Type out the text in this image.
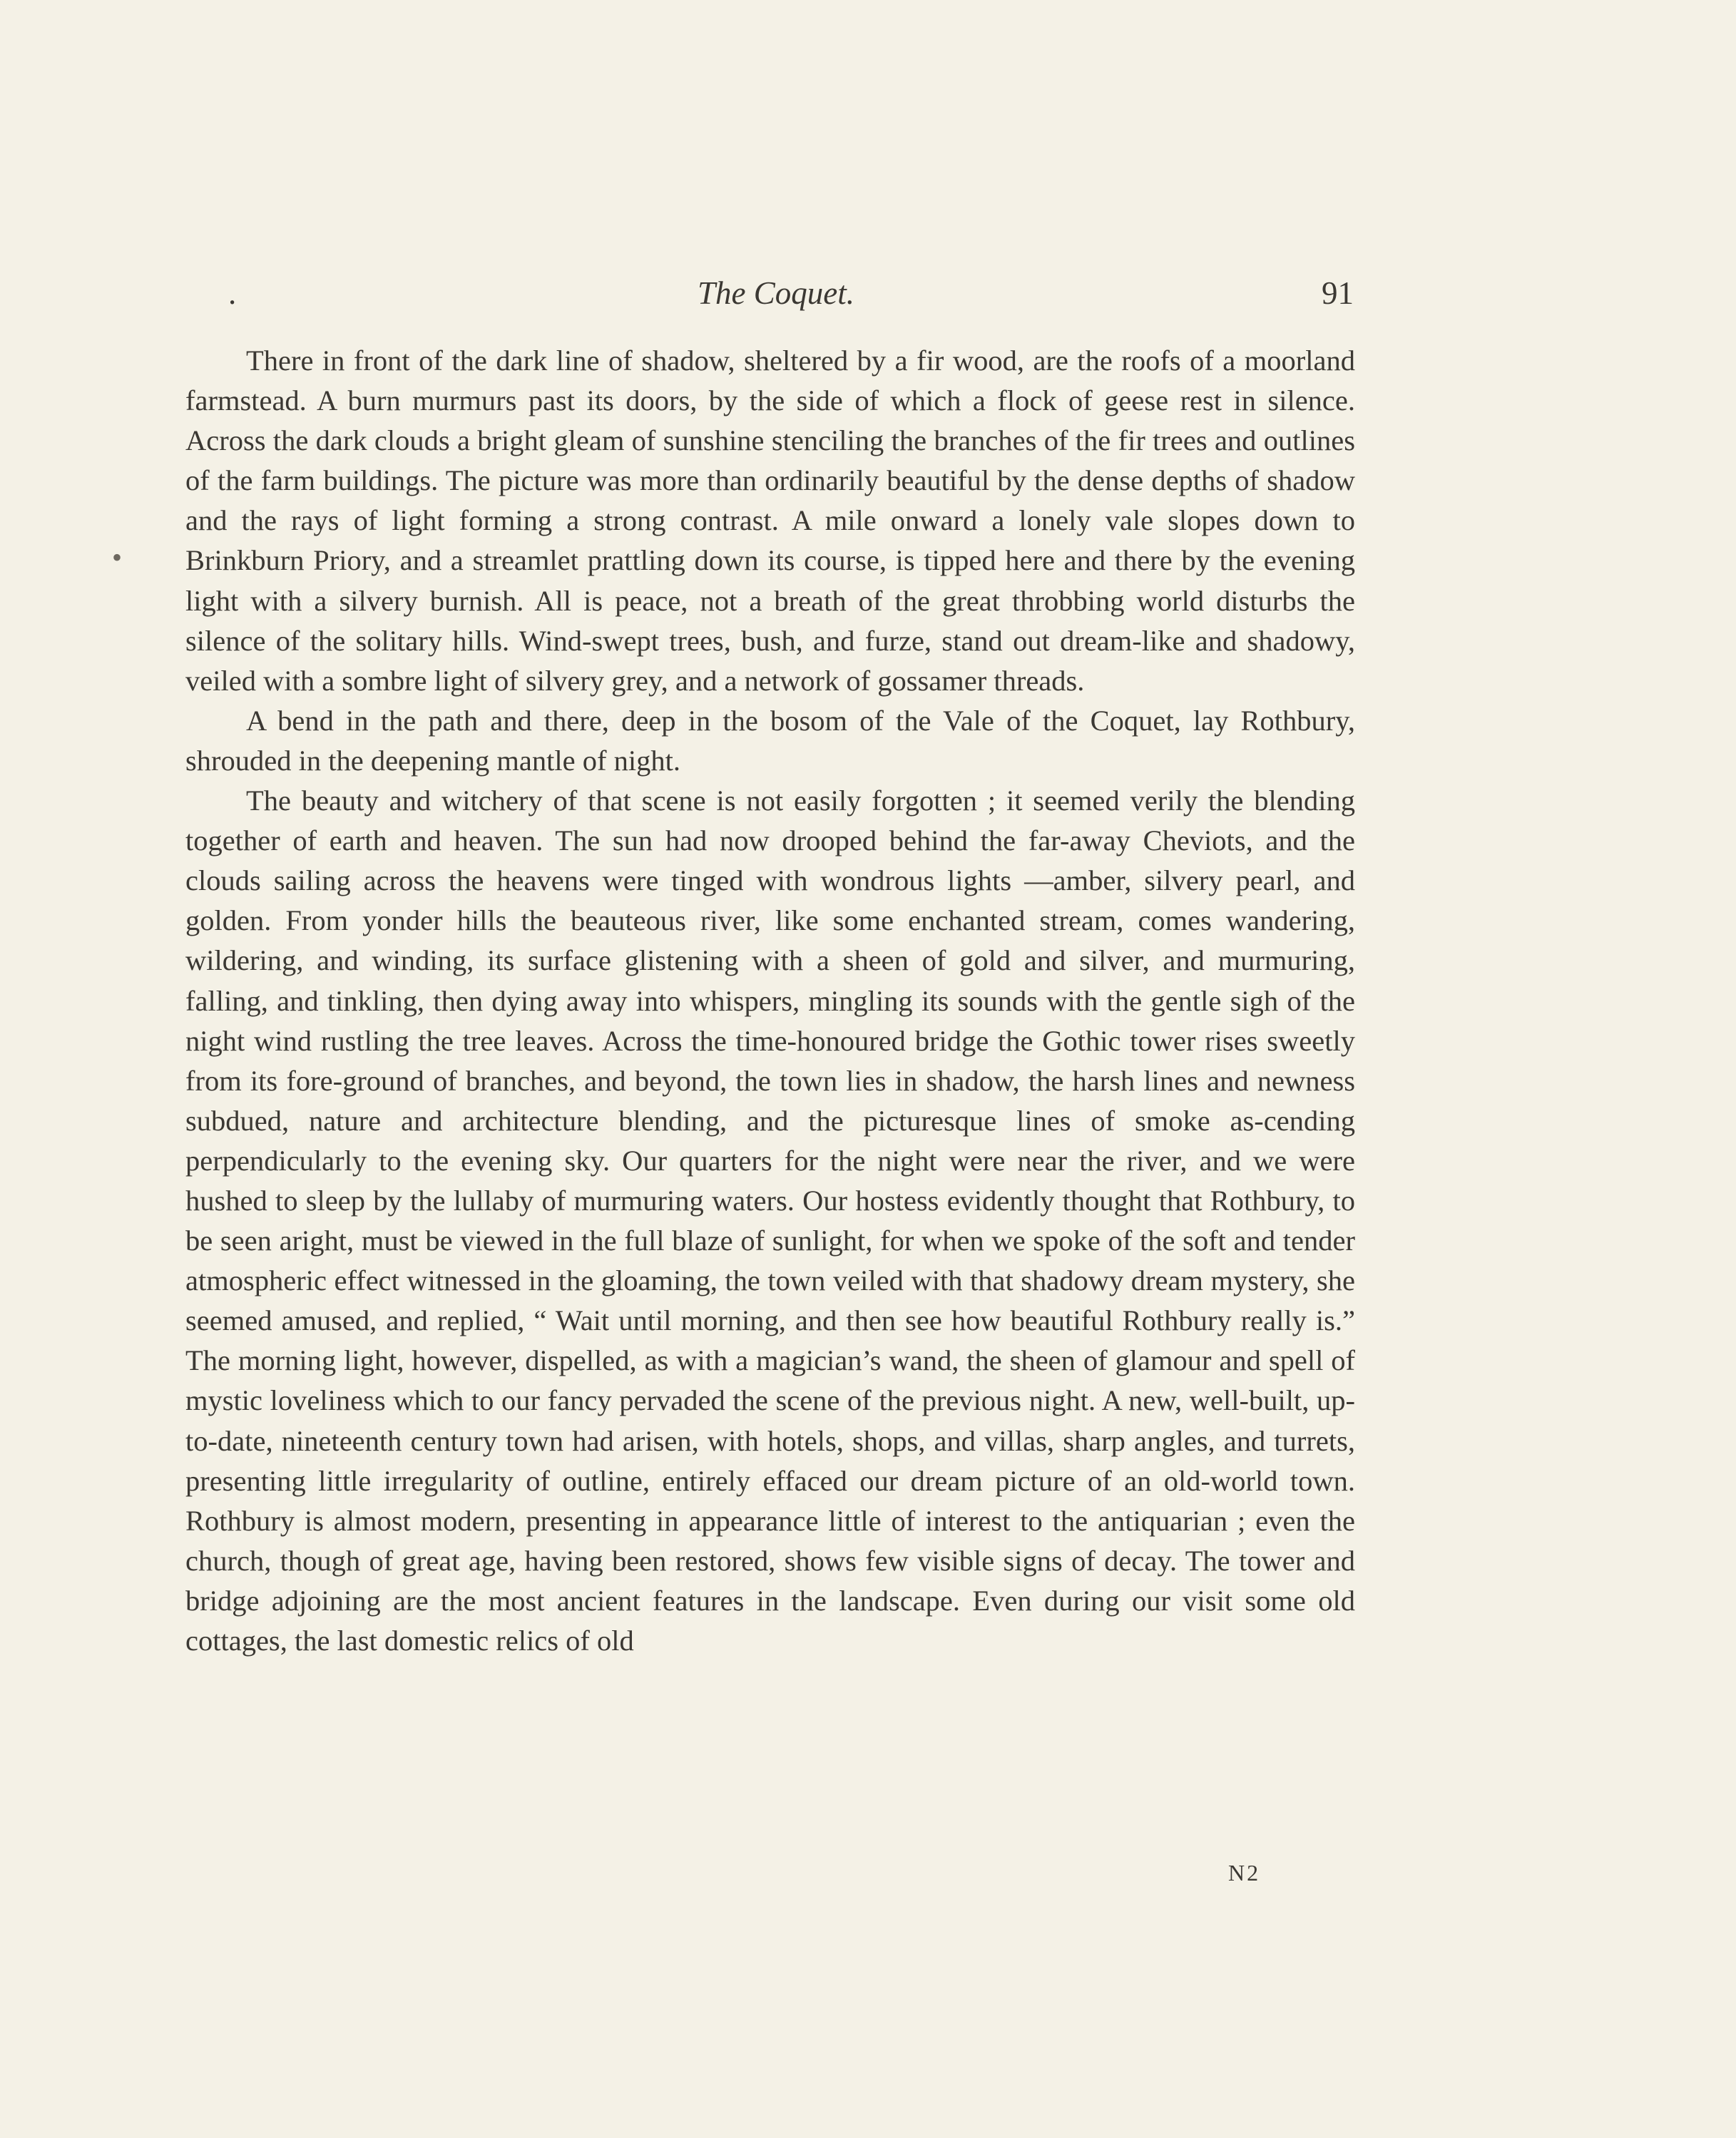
.	The Coquet.	91
•

There in front of the dark line of shadow, sheltered by a fir wood, are the roofs of a moorland farmstead. A burn murmurs past its doors, by the side of which a flock of geese rest in silence. Across the dark clouds a bright gleam of sunshine stenciling the branches of the fir trees and outlines of the farm buildings. The picture was more than ordinarily beautiful by the dense depths of shadow and the rays of light forming a strong contrast. A mile onward a lonely vale slopes down to Brinkburn Priory, and a streamlet prattling down its course, is tipped here and there by the evening light with a silvery burnish. All is peace, not a breath of the great throbbing world disturbs the silence of the solitary hills. Wind-swept trees, bush, and furze, stand out dream-like and shadowy, veiled with a sombre light of silvery grey, and a network of gossamer threads.

A bend in the path and there, deep in the bosom of the Vale of the Coquet, lay Rothbury, shrouded in the deepening mantle of night.

The beauty and witchery of that scene is not easily forgotten ; it seemed verily the blending together of earth and heaven. The sun had now drooped behind the far-away Cheviots, and the clouds sailing across the heavens were tinged with wondrous lights —amber, silvery pearl, and golden. From yonder hills the beauteous river, like some enchanted stream, comes wandering, wildering, and winding, its surface glistening with a sheen of gold and silver, and murmuring, falling, and tinkling, then dying away into whispers, mingling its sounds with the gentle sigh of the night wind rustling the tree leaves. Across the time-honoured bridge the Gothic tower rises sweetly from its fore-ground of branches, and beyond, the town lies in shadow, the harsh lines and newness subdued, nature and architecture blending, and the picturesque lines of smoke as-cending perpendicularly to the evening sky. Our quarters for the night were near the river, and we were hushed to sleep by the lullaby of murmuring waters. Our hostess evidently thought that Rothbury, to be seen aright, must be viewed in the full blaze of sunlight, for when we spoke of the soft and tender atmospheric effect witnessed in the gloaming, the town veiled with that shadowy dream mystery, she seemed amused, and replied, “ Wait until morning, and then see how beautiful Rothbury really is.” The morning light, however, dispelled, as with a magician’s wand, the sheen of glamour and spell of mystic loveliness which to our fancy pervaded the scene of the previous night. A new, well-built, up-to-date, nineteenth century town had arisen, with hotels, shops, and villas, sharp angles, and turrets, presenting little irregularity of outline, entirely effaced our dream picture of an old-world town. Rothbury is almost modern, presenting in appearance little of interest to the antiquarian ; even the church, though of great age, having been restored, shows few visible signs of decay. The tower and bridge adjoining are the most ancient features in the landscape. Even during our visit some old cottages, the last domestic relics of old

N2
